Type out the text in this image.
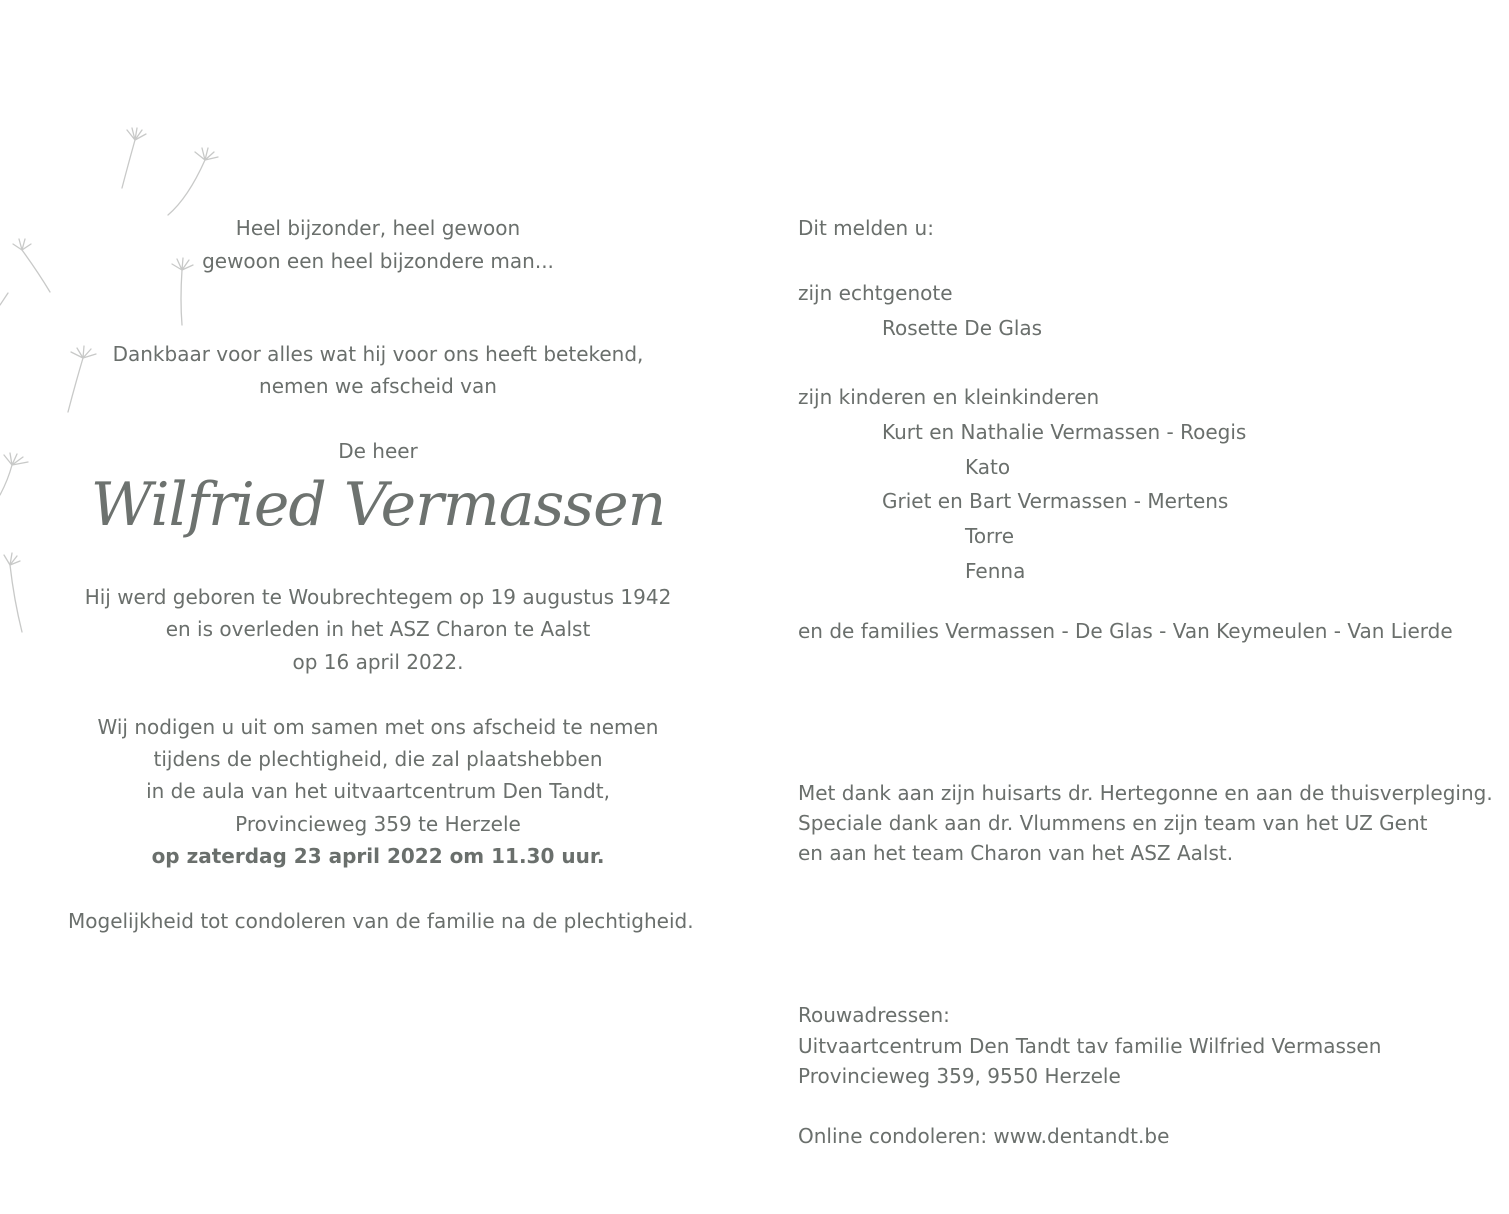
Heel bijzonder, heel gewoon
gewoon een heel bijzondere man...
Dankbaar voor alles wat hij voor ons heeft betekend,
nemen we afscheid van
De heer
Wilfried Vermassen
Hij werd geboren te Woubrechtegem op 19 augustus 1942
en is overleden in het ASZ Charon te Aalst
op 16 april 2022.
Wij nodigen u uit om samen met ons afscheid te nemen
tijdens de plechtigheid, die zal plaatshebben
in de aula van het uitvaartcentrum Den Tandt,
Provincieweg 359 te Herzele
op zaterdag 23 april 2022 om 11.30 uur.
Mogelijkheid tot condoleren van de familie na de plechtigheid.
Dit melden u:
zijn echtgenote
Rosette De Glas
zijn kinderen en kleinkinderen
Kurt en Nathalie Vermassen - Roegis
Kato
Griet en Bart Vermassen - Mertens
Torre
Fenna
en de families Vermassen - De Glas - Van Keymeulen - Van Lierde
Met dank aan zijn huisarts dr. Hertegonne en aan de thuisverpleging.
Speciale dank aan dr. Vlummens en zijn team van het UZ Gent
en aan het team Charon van het ASZ Aalst.
Rouwadressen:
Uitvaartcentrum Den Tandt tav familie Wilfried Vermassen
Provincieweg 359, 9550 Herzele
Online condoleren: www.dentandt.be
